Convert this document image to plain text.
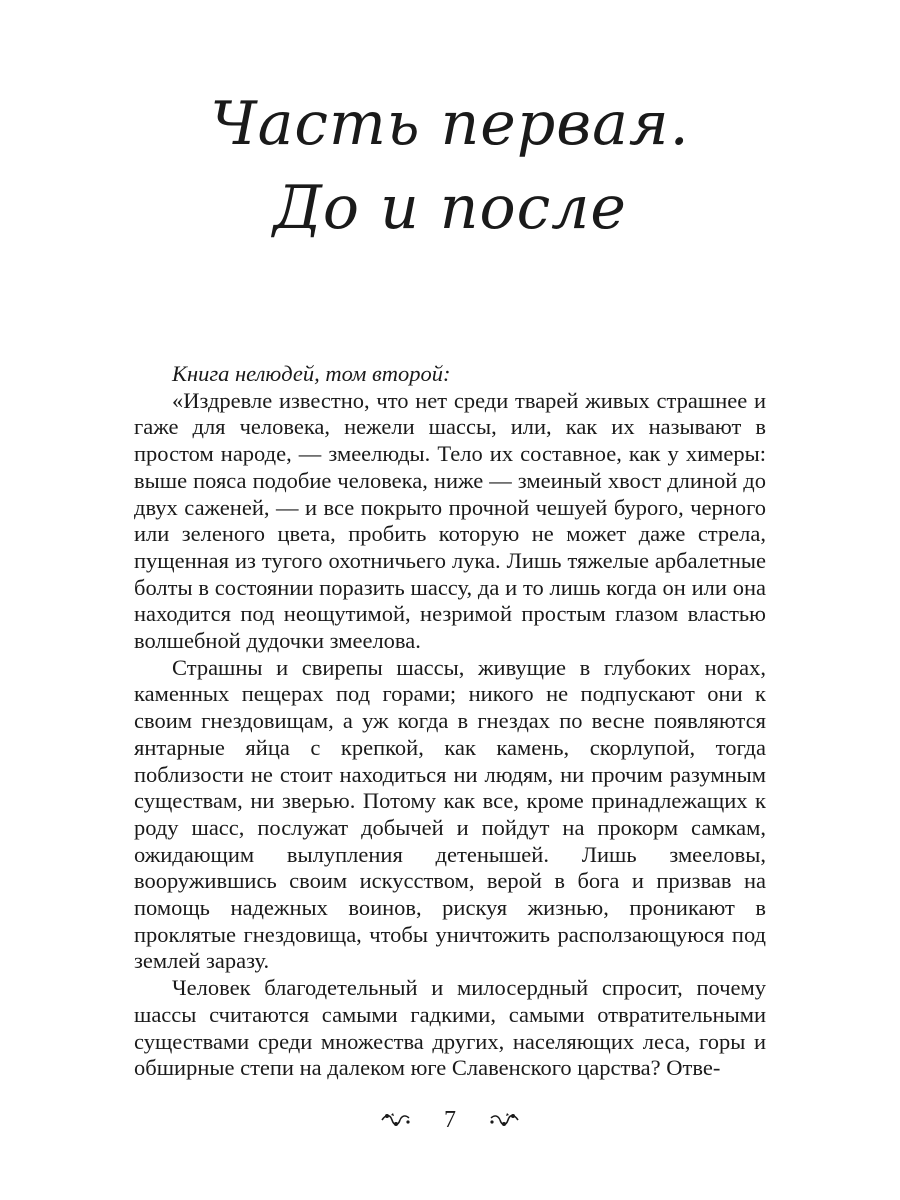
Часть первая.
До и после

Книга нелюдей, том второй:

«Издревле известно, что нет среди тварей живых страшнее и гаже для человека, нежели шассы, или, как их называют в простом народе, — змеелюды. Тело их составное, как у химеры: выше пояса подобие человека, ниже — змеиный хвост длиной до двух саженей, — и все покрыто прочной чешуей бурого, черного или зеленого цвета, пробить которую не может даже стрела, пущенная из тугого охотничьего лука. Лишь тяжелые арбалетные болты в состоянии поразить шассу, да и то лишь когда он или она находится под неощутимой, незримой простым глазом властью волшебной дудочки змеелова.

Страшны и свирепы шассы, живущие в глубоких норах, каменных пещерах под горами; никого не подпускают они к своим гнездовищам, а уж когда в гнездах по весне появляются янтарные яйца с крепкой, как камень, скорлупой, тогда поблизости не стоит находиться ни людям, ни прочим разумным существам, ни зверью. Потому как все, кроме принадлежащих к роду шасс, послужат добычей и пойдут на прокорм самкам, ожидающим вылупления детенышей. Лишь змееловы, вооружившись своим искусством, верой в бога и призвав на помощь надежных воинов, рискуя жизнью, проникают в проклятые гнездовища, чтобы уничтожить расползающуюся под землей заразу.

Человек благодетельный и милосердный спросит, почему шассы считаются самыми гадкими, самыми отвратительными существами среди множества других, населяющих леса, горы и обширные степи на далеком юге Славенского царства? Отве-

7
